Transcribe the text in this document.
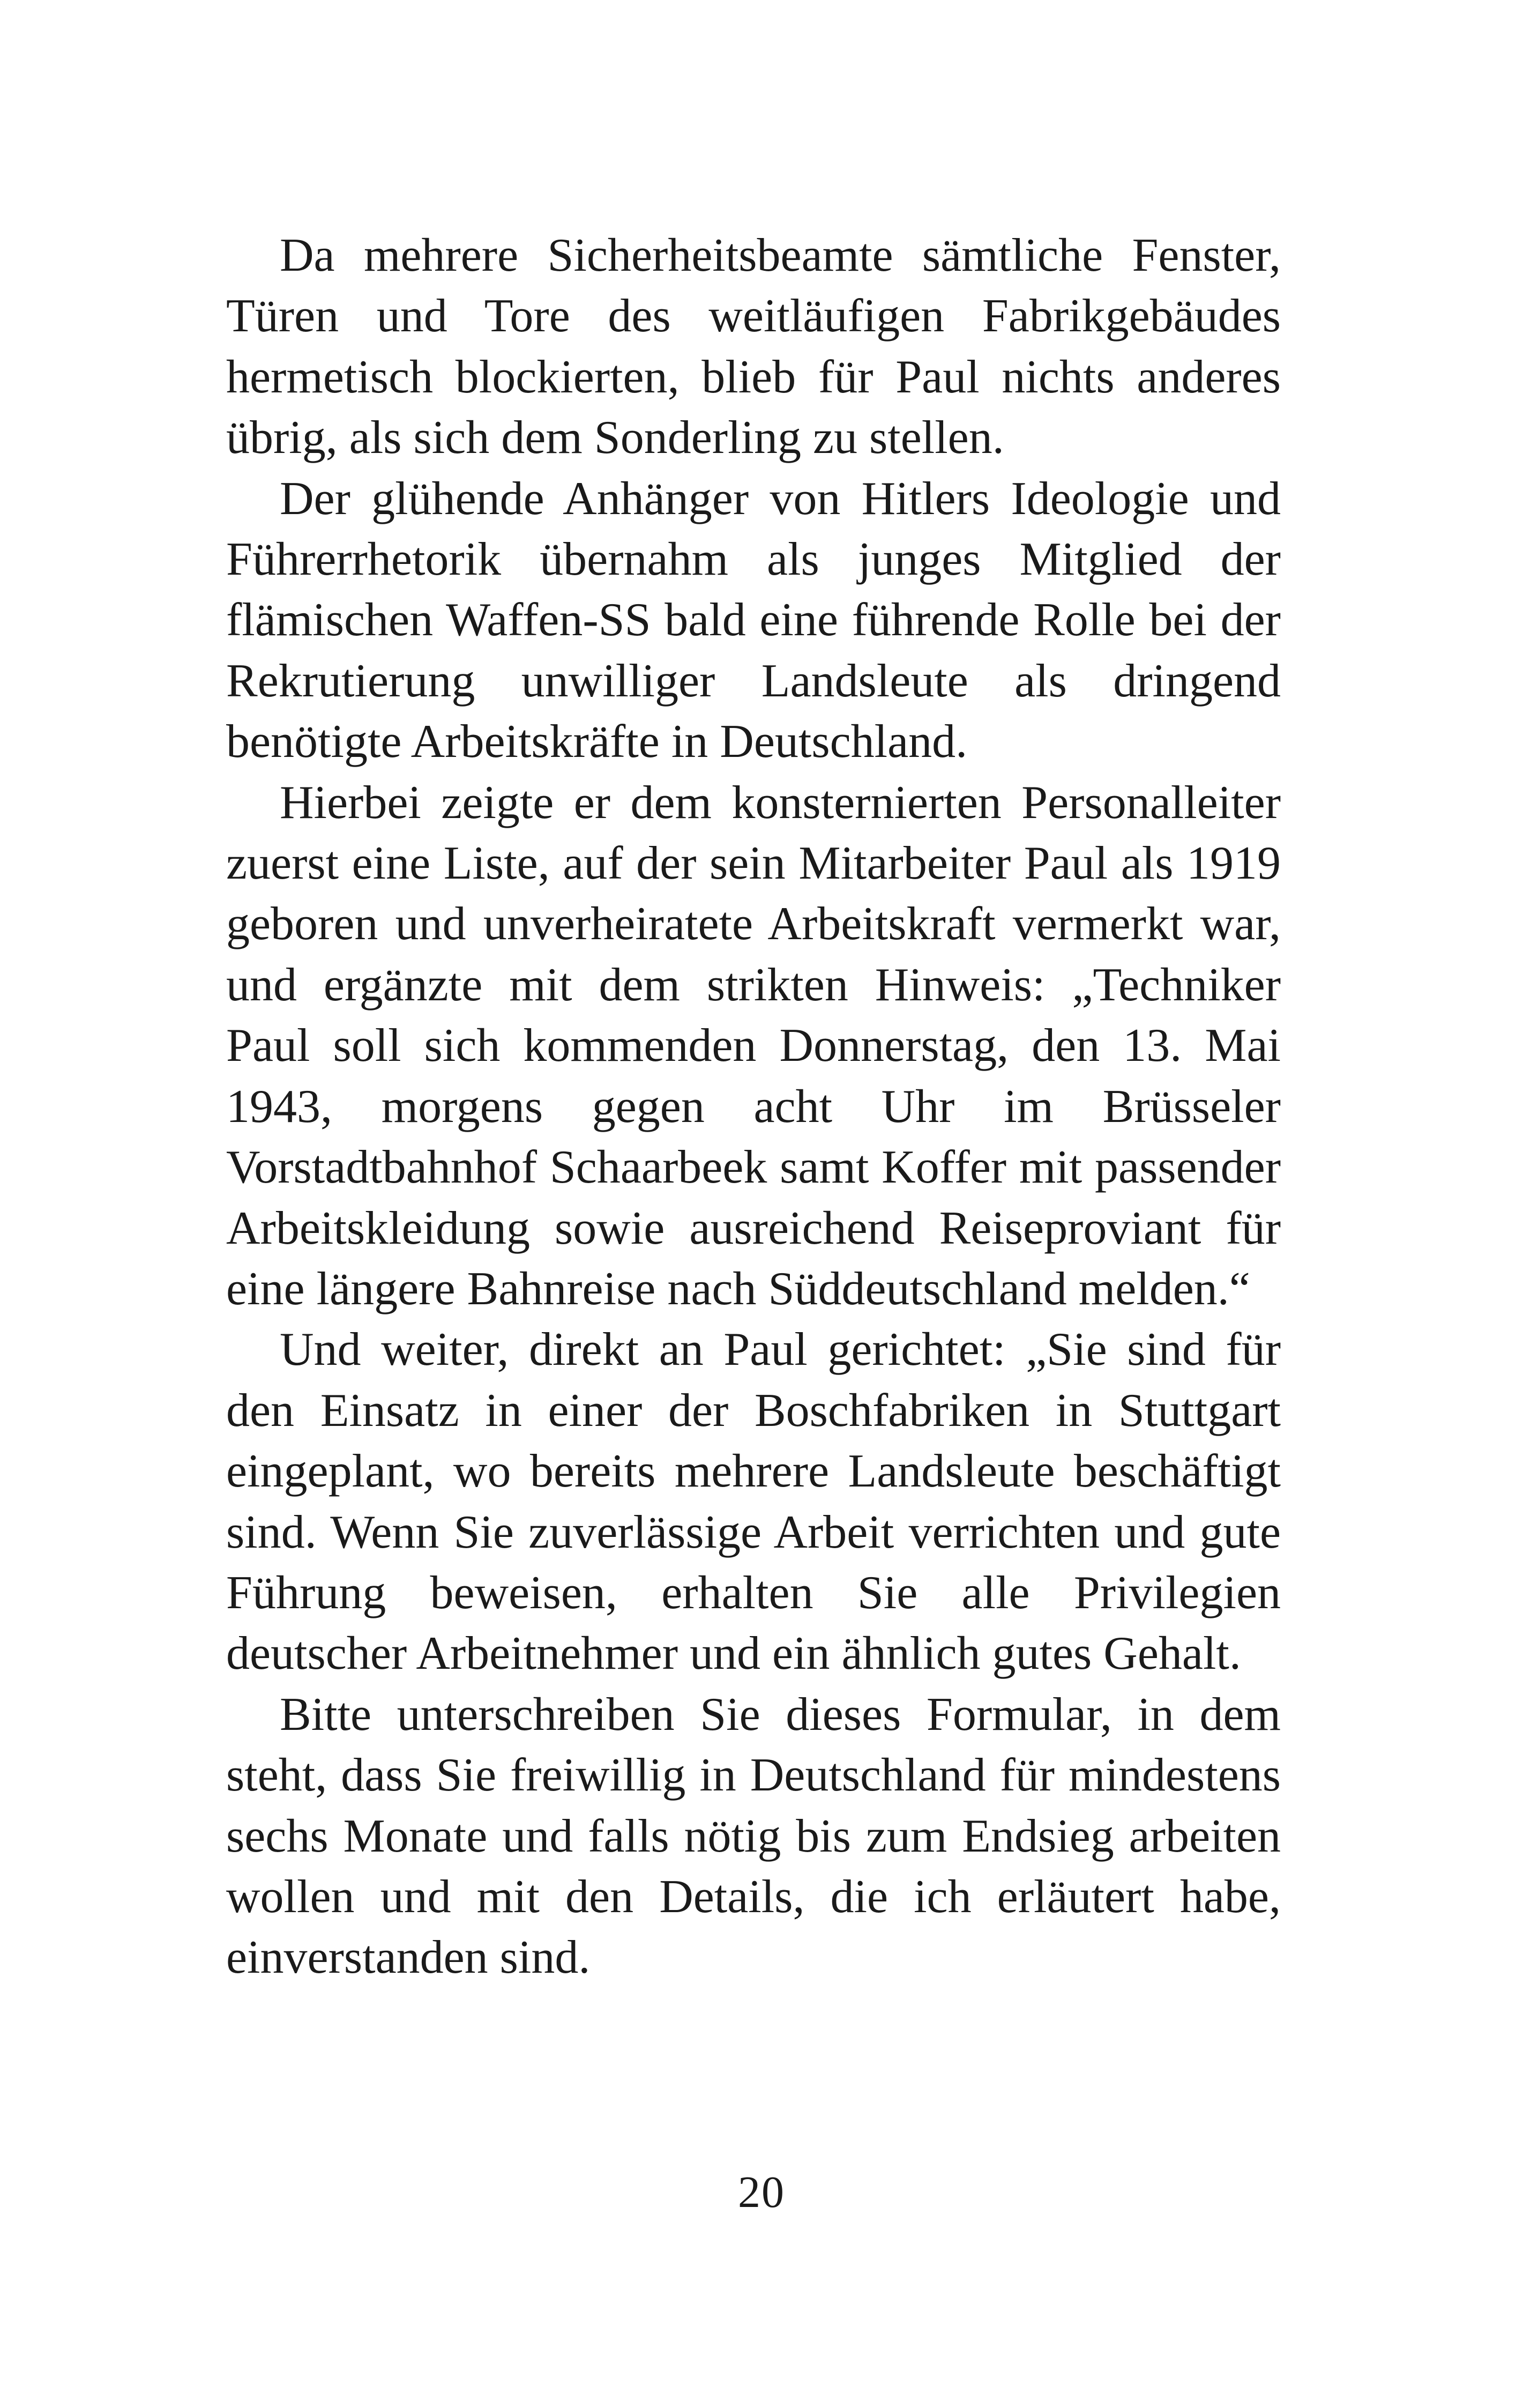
Da mehrere Sicherheitsbeamte sämtliche Fenster, Türen und Tore des weitläufigen Fabrikgebäudes hermetisch blockierten, blieb für Paul nichts anderes übrig, als sich dem Sonderling zu stellen.

Der glühende Anhänger von Hitlers Ideologie und Führerrhetorik übernahm als junges Mitglied der flämischen Waffen-SS bald eine führende Rolle bei der Rekrutierung unwilliger Landsleute als dringend benötigte Arbeitskräfte in Deutschland.

Hierbei zeigte er dem konsternierten Personalleiter zuerst eine Liste, auf der sein Mitarbeiter Paul als 1919 geboren und unverheiratete Arbeitskraft vermerkt war, und ergänzte mit dem strikten Hinweis: „Techniker Paul soll sich kommenden Donnerstag, den 13. Mai 1943, morgens gegen acht Uhr im Brüsseler Vorstadtbahnhof Schaarbeek samt Koffer mit passender Arbeitskleidung sowie ausreichend Reiseproviant für eine längere Bahnreise nach Süddeutschland melden.“

Und weiter, direkt an Paul gerichtet: „Sie sind für den Einsatz in einer der Boschfabriken in Stuttgart eingeplant, wo bereits mehrere Landsleute beschäftigt sind. Wenn Sie zuverlässige Arbeit verrichten und gute Führung beweisen, erhalten Sie alle Privilegien deutscher Arbeitnehmer und ein ähnlich gutes Gehalt.

Bitte unterschreiben Sie dieses Formular, in dem steht, dass Sie freiwillig in Deutschland für mindestens sechs Monate und falls nötig bis zum Endsieg arbeiten wollen und mit den Details, die ich erläutert habe, einverstanden sind.

20
